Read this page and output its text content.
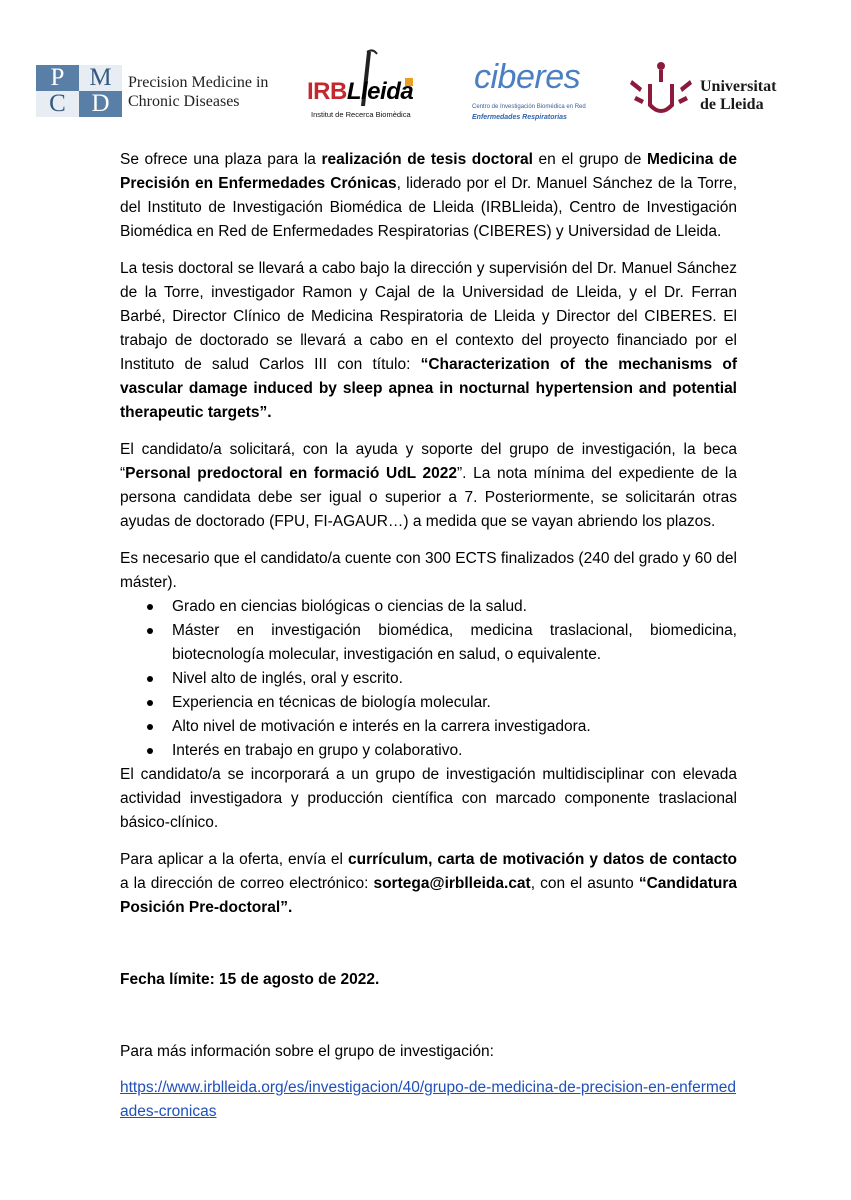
P M
C	D
Precision Medicine in
Chronic Diseases	IRBLleida
Institut de Recerca Biomèdica
ciberes
Centro de Investigación Biomédica en Red
Enfermedades Respiratorias
Universitat
de Lleida

Se ofrece una plaza para la realización de tesis doctoral en el grupo de Medicina de Precisión en Enfermedades Crónicas, liderado por el Dr. Manuel Sánchez de la Torre, del Instituto de Investigación Biomédica de Lleida (IRBLleida), Centro de Investigación Biomédica en Red de Enfermedades Respiratorias (CIBERES) y Universidad de Lleida.

La tesis doctoral se llevará a cabo bajo la dirección y supervisión del Dr. Manuel Sánchez de la Torre, investigador Ramon y Cajal de la Universidad de Lleida, y el Dr. Ferran Barbé, Director Clínico de Medicina Respiratoria de Lleida y Director del CIBERES. El trabajo de doctorado se llevará a cabo en el contexto del proyecto financiado por el Instituto de salud Carlos III con título: “Characterization of the mechanisms of vascular damage induced by sleep apnea in nocturnal hypertension and potential therapeutic targets”.

El candidato/a solicitará, con la ayuda y soporte del grupo de investigación, la beca “Personal predoctoral en formació UdL 2022”. La nota mínima del expediente de la persona candidata debe ser igual o superior a 7. Posteriormente, se solicitarán otras ayudas de doctorado (FPU, FI-AGAUR…) a medida que se vayan abriendo los plazos.

Es necesario que el candidato/a cuente con 300 ECTS finalizados (240 del grado y 60 del máster).

Grado en ciencias biológicas o ciencias de la salud.
Máster en investigación biomédica, medicina traslacional, biomedicina, biotecnología molecular, investigación en salud, o equivalente.
Nivel alto de inglés, oral y escrito.
Experiencia en técnicas de biología molecular.
Alto nivel de motivación e interés en la carrera investigadora.
Interés en trabajo en grupo y colaborativo.

El candidato/a se incorporará a un grupo de investigación multidisciplinar con elevada actividad investigadora y producción científica con marcado componente traslacional básico-clínico.

Para aplicar a la oferta, envía el currículum, carta de motivación y datos de contacto a la dirección de correo electrónico: sortega@irblleida.cat, con el asunto “Candidatura Posición Pre-doctoral”.

Fecha límite: 15 de agosto de 2022.

Para más información sobre el grupo de investigación:

https://www.irblleida.org/es/investigacion/40/grupo-de-medicina-de-precision-en-enfermedades-cronicas
